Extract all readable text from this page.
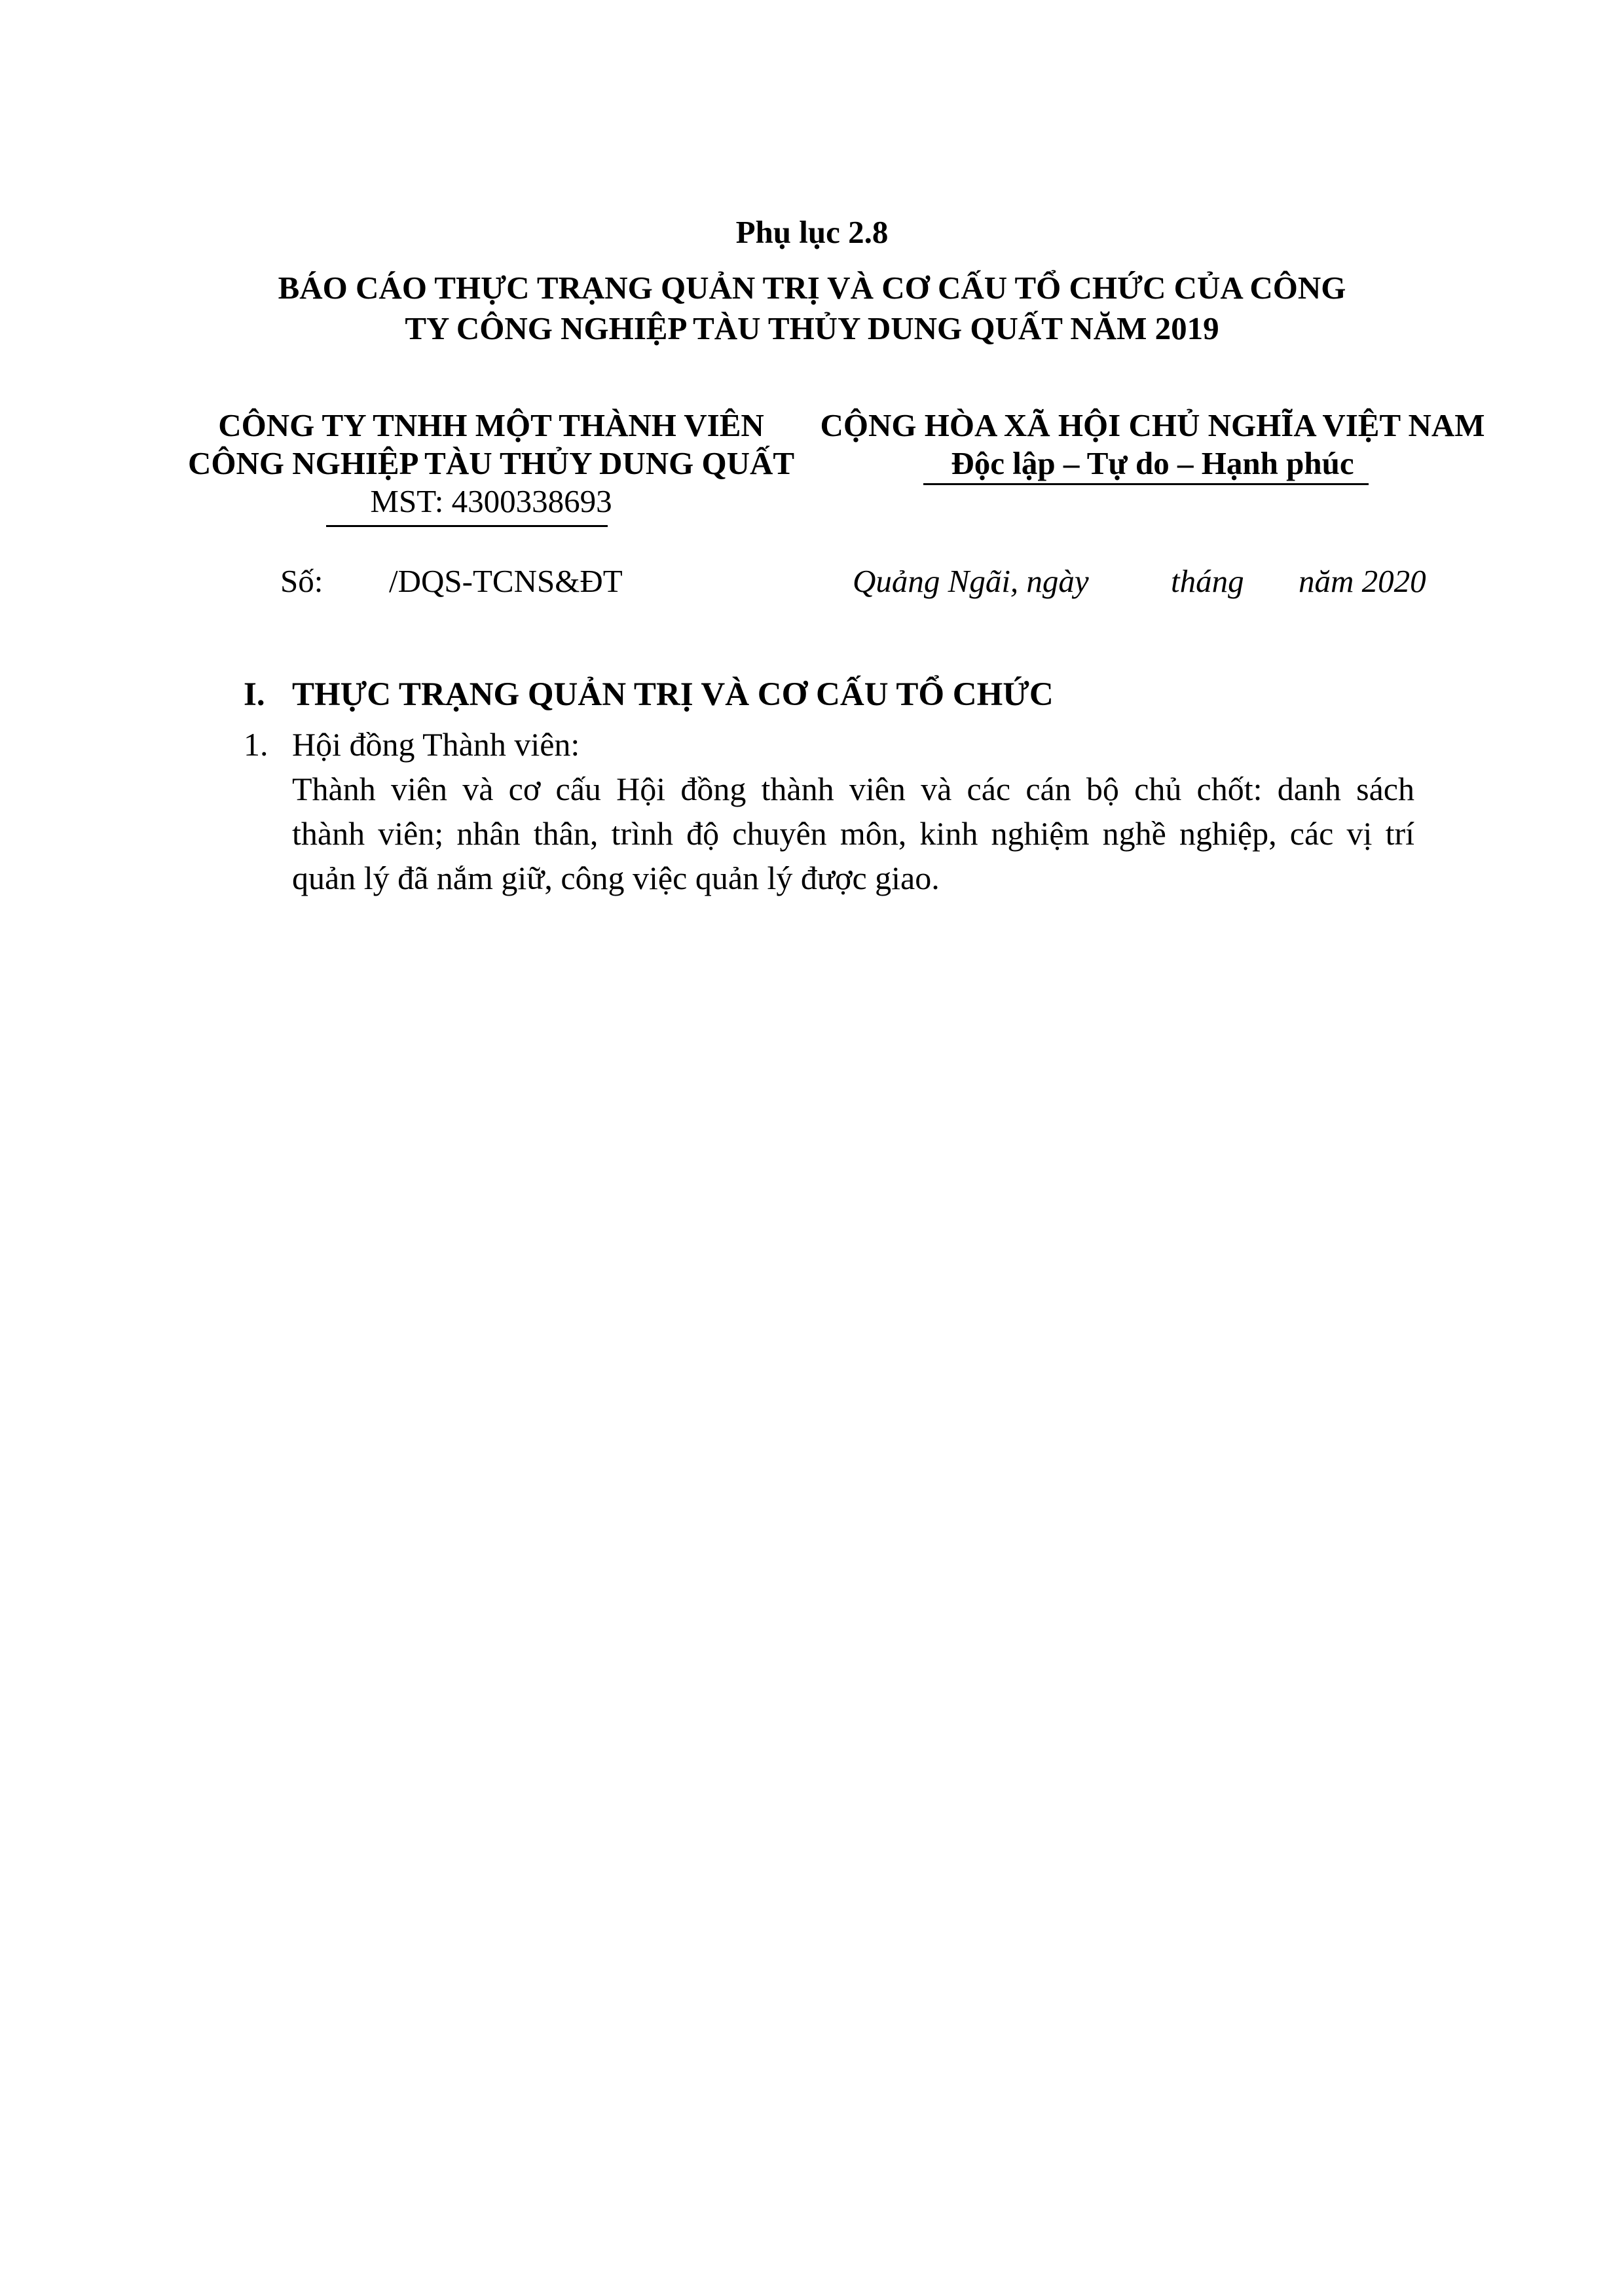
Phụ lục 2.8
BÁO CÁO THỰC TRẠNG QUẢN TRỊ VÀ CƠ CẤU TỔ CHỨC CỦA CÔNG
TY CÔNG NGHIỆP TÀU THỦY DUNG QUẤT NĂM 2019
CÔNG TY TNHH MỘT THÀNH VIÊN
CÔNG NGHIỆP TÀU THỦY DUNG QUẤT
MST: 4300338693
CỘNG HÒA XÃ HỘI CHỦ NGHĨA VIỆT NAM
Độc lập – Tự do – Hạnh phúc
Số: /DQS-TCNS&ĐT	Quảng Ngãi, ngày	tháng năm 2020
I. THỰC TRẠNG QUẢN TRỊ VÀ CƠ CẤU TỔ CHỨC
1. Hội đồng Thành viên:
Thành viên và cơ cấu Hội đồng thành viên và các cán bộ chủ chốt: danh sách
thành viên; nhân thân, trình độ chuyên môn, kinh nghiệm nghề nghiệp, các vị trí
quản lý đã nắm giữ, công việc quản lý được giao.
